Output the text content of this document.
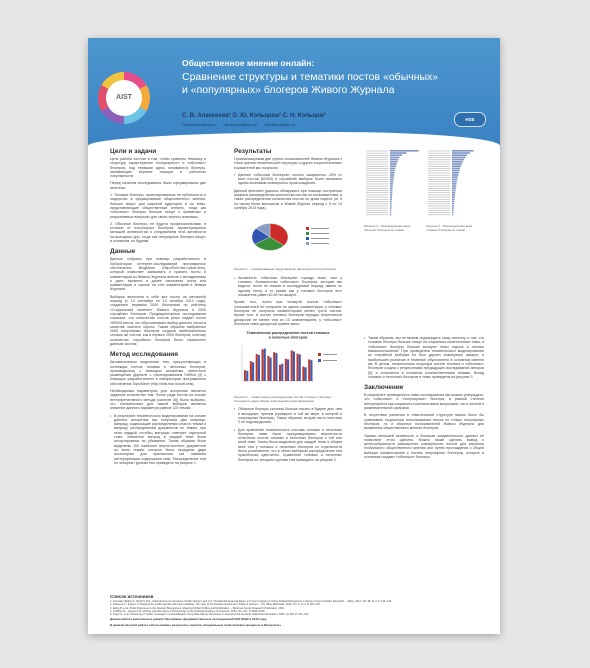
AIST
Общественное мнение онлайн:
Сравнение структуры и тематики постов «обычных»
и «популярных» блогеров Живого Журнала
С. В. Алексеева¹ О. Ю. Кольцова² С. Н. Кольцов²
¹salexeeva@hse.ru ²okoltsova@hse.ru ²skoltsov@hse.ru
HSE
Цели и задачи

Цель работы состоит в том, чтобы сравнить тематику и структуру характеристик «популярных» и «обычных» блогеров, под первыми здесь понимаются блогеры, занимающие верхние позиции в рейтингах популярности.

Перед началом исследования были сформированы две гипотезы:

1. Топовые блогеры, ориентированные на публичность и лидерство в формировании общественного мнения, больше пишут для широкой аудитории и на темы, представляющие общественный интерес, тогда как «обычные» блогеры больше пишут о приватных и рекреативных вопросах для своих личных знакомых.

2. Обычные блогеры, не будучи профессионалами, в отличие от популярных блогеров, характеризуются меньшей активностью и следованием этой активности на выходные дни, тогда как популярные блогеры пишут, в основном, по будням.

Данные

Данные собраны при помощи разработанного в Лаборатории интернет-исследований программного обеспечения BlogMiner (http://linis.hse.ru/soft-linis), который позволяет закачивать и хранить посты и комментарии из Живого Журнала вместе с метаданными о дате, времени и длине написания поста или комментария и ссылке на этот комментарий в Живом Журнале.

Выборка включила в себя все посты за месячный период (с 14 сентября по 14 октября 2013 года), созданные первыми 2000 блогерами по рейтингу «Социальный капитал» Живого Журнала и 2000 случайных блогеров. Предварительные исследования показали, что количество постов резко падает после 150000 места, что обусловливает выбор данного числа в качестве нижнего порога. Таким образом выбранные 2000 популярных блогеров создали приблизительно столько же постов, как и первые 2000 блогеров, поэтому количество случайных блогеров было ограничено данным числом.

Метод исследования

Автоматическое выделение тем, присутствующих в коллекции постов топовых и неполных блогеров, производилось с помощью алгоритма латентного размещения Дирихле с сэмплированием Гиббса [4] с помощью разработанного в лаборатории программного обеспечения TopicMiner (http://linis.hse.ru/soft-linis).

Необходимым параметром для алгоритма является заданное количество тем. После ряда тестов на основе интерпретативного метода (качеств [5]) было выбрано, что оптимальным для нашей выборки является значение данного параметра равное 120 темам.

• В результате тематического моделирования на основе данного алгоритма мы получаем два матрицы: матрицу, содержащие распределения слов по темам и матрицу распределений документов по темам, при этом каждый столбец матрицы отвечает отдельной теме. Элементы матриц в каждой теме были отсортированы по убыванию. Таким образом были выделены 100 наиболее вероятностных документов по всем темам, которые были переданы двум ассессорам для присвоения им названия (интерпретация содержания тем). Распределение тем по четырем группам тем приведено на рисунке 1.

Результаты

Проанализировав две группы пользователей Живого Журнала с точки зрения тематической структуры и других социологических показателей мы получили:

• Данные «обычных блогеров» сильно зашумлены: 25% от всех постов (62300) в случайной выборке были написаны одним анонимом спамерского происхождения.

Данный феномен удалось обнаружить при помощи построения графика распределения количества постов по пользователям, а также распределения количества постов по дням недели (от 0 по часам были выложены в Живой Журнал период с 9 по 14 октября 2013 года).

Рисунок 1 – Суммированные представление фильтров постов рейтингов

• Активность «обычных блогеров» гораздо ниже, чем у топовых: большинство «обычных» блогеров, которые мы видели, почти не писали в исследуемый период, имеют по одному посту, в то время как у топовых блогеров этот показатель равен 40-60 на аккаунт.

Кроме того, почти при четверти постов «обычных» пользователей не получили ни одного комментария, у топовых блогеров не получили комментариев менее трети постов. Кроме того, в постах топовых блогеров нередко встречаются дискуссии не менее чем из 10 комментариев, у «обычных» блогеров таких дискуссий крайне мало.

Тематическое распределение постов топовых
и неполных блогеров

Рисунок 2 – Тематическое распределение постов топовых и обычных блогеров по двум общим тематическим классификациям

• Обычные блогеры склонны больше писать в будние дни, чем в выходные, причем (примерно в той же мере, в которой и популярные блогеры). Таким образом, вторая часть гипотезы 2 не подтвердилась.

• Для сравнения тематического состава топовых и неполных блогеров нами были просуммированы вероятности отнесения постов топовых и неполных блогеров к той или иной теме. Затем была выделена для каждой темы в общем весе тем у топовых и неполных блогеров по отдельности было установлено, что в обеих выборках распределение тем практически идентично. Сравнение топовых и неполных блогеров по четырем группам тем приведено на рисунке 2.

Рисунок 3 – Распределение веса обычных блогеров по темам

Рисунок 4 – Распределение веса топовых блогеров по темам

• Таким образом, мы не можем подтвердить нашу гипотезу о том, что топовые блогеры больше пишут на социально-политические темы, а «обычные» блогеры больше волнуют темы отдыха и личных взаимоотношений. При проведении тематического моделирования из случайной выборки не был удален спамерских аккаунт, и наибольшее различие в тематике обусловлено в основном именно им. В целом, тематическая структура постов топовых и «обычных» блогеров сходна с результатами предыдущих исследований авторов [5], и отличается в основном количественными темами. Вклад топовых и неполных блогеров в темы приведены на рисунке 3.

Заключение

В результате проведенного нами исследования мы можем утверждать, что «обычные» и «популярные» блогеры, в равной степени интересуются как социально-политическими вопросами, так и личной и развлекательной сферами.

В отсутствии различия в тематической структуре можно было бы сравнивать социологии использования текста не только популярных блогеров, но и обычных пользователей Живого Журнала для выявления общественного мнения блогеров.

Однако меньшей активность и большая зашумленность данных не позволяют этого сделать. Можно также сделать вывод о целесообразности расширения совокупности постов для изучения глобального общественного мнения или путем прохождения к общей выборке комментариев к постам популярных блогеров, которые в основном создают «обычные» блогеры.

Список источников
1. Gonzalez-Bailon S., Banchs R.E., Kaltenbrunner A. Emotions, Public Opinion, and U.S. Presidential Approval Rates: A 5-Year Analysis of Online Political Discussions // Human Communication Research. – Wiley, 2012. Vol. 38. № 2. P. 121–143.
2. Koltsova O., Koltcov S. Mapping the public agenda with topic modeling: The case of the Russian livejournal // Policy & Internet. – US: Wiley-Blackwell, 2013. Vol. 5, № 2. P. 207–227.
3. Etling B. et al. Public Discourse in the Russian Blogosphere: Mapping RuNet Politics and Mobilization. – Berkman Center Research Publication, 2010.
4. Griffiths T.L., Steyvers M. Finding scientific topics // Proceedings of the National Academy of Sciences. 2004. Vol. 101. P. 5228–5235.
5. Zuger G. et al. Clustering of Twitter messages // A Classification Using Data Mining Techniques // Journal of the American Statistical Association, 2003. № 462. P. 751–763.
Данная работа выполнена в рамках Программы фундаментальных исследований НИУ ВШЭ в 2013 году.
В данной научной работе использованы результаты проекта «Социальные политические процессы в Интернете»
